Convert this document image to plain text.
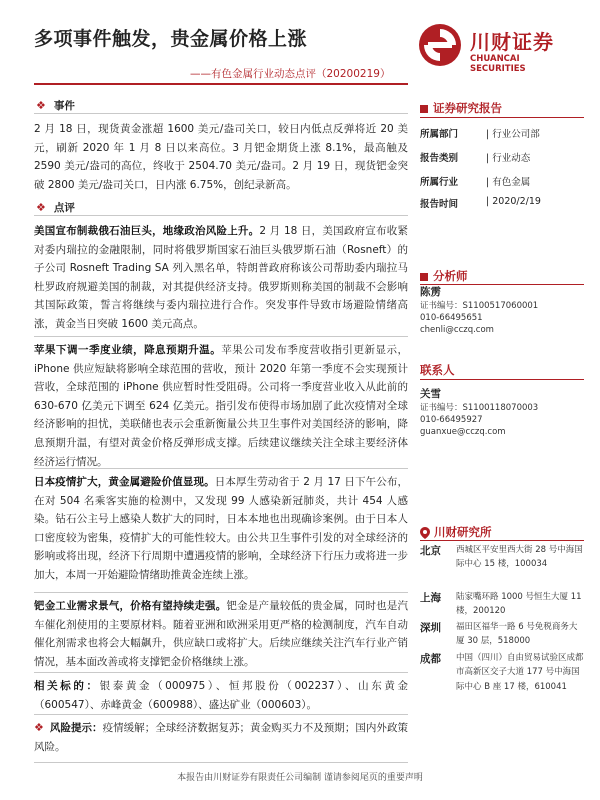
多项事件触发，贵金属价格上涨
——有色金属行业动态点评（20200219）
川财证券
CHUANCAI SECURITIES
❖ 事件
2 月 18 日，现货黄金涨超 1600 美元/盎司关口，较日内低点反弹将近 20 美元，刷新 2020 年 1 月 8 日以来高位。3 月钯金期货上涨 8.1%，最高触及 2590 美元/盎司的高位，终收于 2504.70 美元/盎司。2 月 19 日，现货钯金突破 2800 美元/盎司关口，日内涨 6.75%，创纪录新高。
❖ 点评
美国宣布制裁俄石油巨头，地缘政治风险上升。2 月 18 日，美国政府宣布收紧对委内瑞拉的金融限制，同时将俄罗斯国家石油巨头俄罗斯石油（Rosneft）的子公司 Rosneft Trading SA 列入黑名单，特朗普政府称该公司帮助委内瑞拉马杜罗政府规避美国的制裁，对其提供经济支持。俄罗斯则称美国的制裁不会影响其国际政策，誓言将继续与委内瑞拉进行合作。突发事件导致市场避险情绪高涨，黄金当日突破 1600 美元高点。
苹果下调一季度业绩，降息预期升温。苹果公司发布季度营收指引更新显示，iPhone 供应短缺将影响全球范围的营收，预计 2020 年第一季度不会实现预计营收，全球范围的 iPhone 供应暂时性受阻碍。公司将一季度营业收入从此前的 630-670 亿美元下调至 624 亿美元。指引发布使得市场加剧了此次疫情对全球经济影响的担忧，美联储也表示会重新衡量公共卫生事件对美国经济的影响，降息预期升温，有望对黄金价格反弹形成支撑。后续建议继续关注全球主要经济体经济运行情况。
日本疫情扩大，黄金属避险价值显现。日本厚生劳动省于 2 月 17 日下午公布，在对 504 名乘客实施的检测中，又发现 99 人感染新冠肺炎，共计 454 人感染。钻石公主号上感染人数扩大的同时，日本本地也出现确诊案例。由于日本人口密度较为密集，疫情扩大的可能性较大。由公共卫生事件引发的对全球经济的影响或将出现，经济下行周期中遭遇疫情的影响，全球经济下行压力或将进一步加大，本周一开始避险情绪助推黄金连续上涨。
钯金工业需求景气，价格有望持续走强。钯金是产量较低的贵金属，同时也是汽车催化剂使用的主要原材料。随着亚洲和欧洲采用更严格的检测制度，汽车自动催化剂需求也将会大幅飙升，供应缺口或将扩大。后续应继续关注汽车行业产销情况，基本面改善或将支撑钯金价格继续上涨。
相关标的：银泰黄金（000975）、恒邦股份（002237）、山东黄金（600547）、赤峰黄金（600988）、盛达矿业（000603）。
❖ 风险提示：疫情缓解；全球经济数据复苏；黄金购买力不及预期；国内外政策风险。
本报告由川财证券有限责任公司编制 谨请参阅尾页的重要声明
证券研究报告
所属部门	| 行业公司部
报告类别	| 行业动态
所属行业	| 有色金属
报告时间	| 2020/2/19
分析师
陈雳
证书编号：S1100517060001
010-66495651
chenli@cczq.com
联系人
关雪
证书编号：S1100118070003
010-66495927
guanxue@cczq.com
川财研究所
北京 西城区平安里西大街 28 号中海国际中心 15 楼，100034
上海 陆家嘴环路 1000 号恒生大厦 11 楼，200120
深圳 福田区福华一路 6 号免税商务大厦 30 层，518000
成都 中国（四川）自由贸易试验区成都市高新区交子大道 177 号中海国际中心 B 座 17 楼，610041
